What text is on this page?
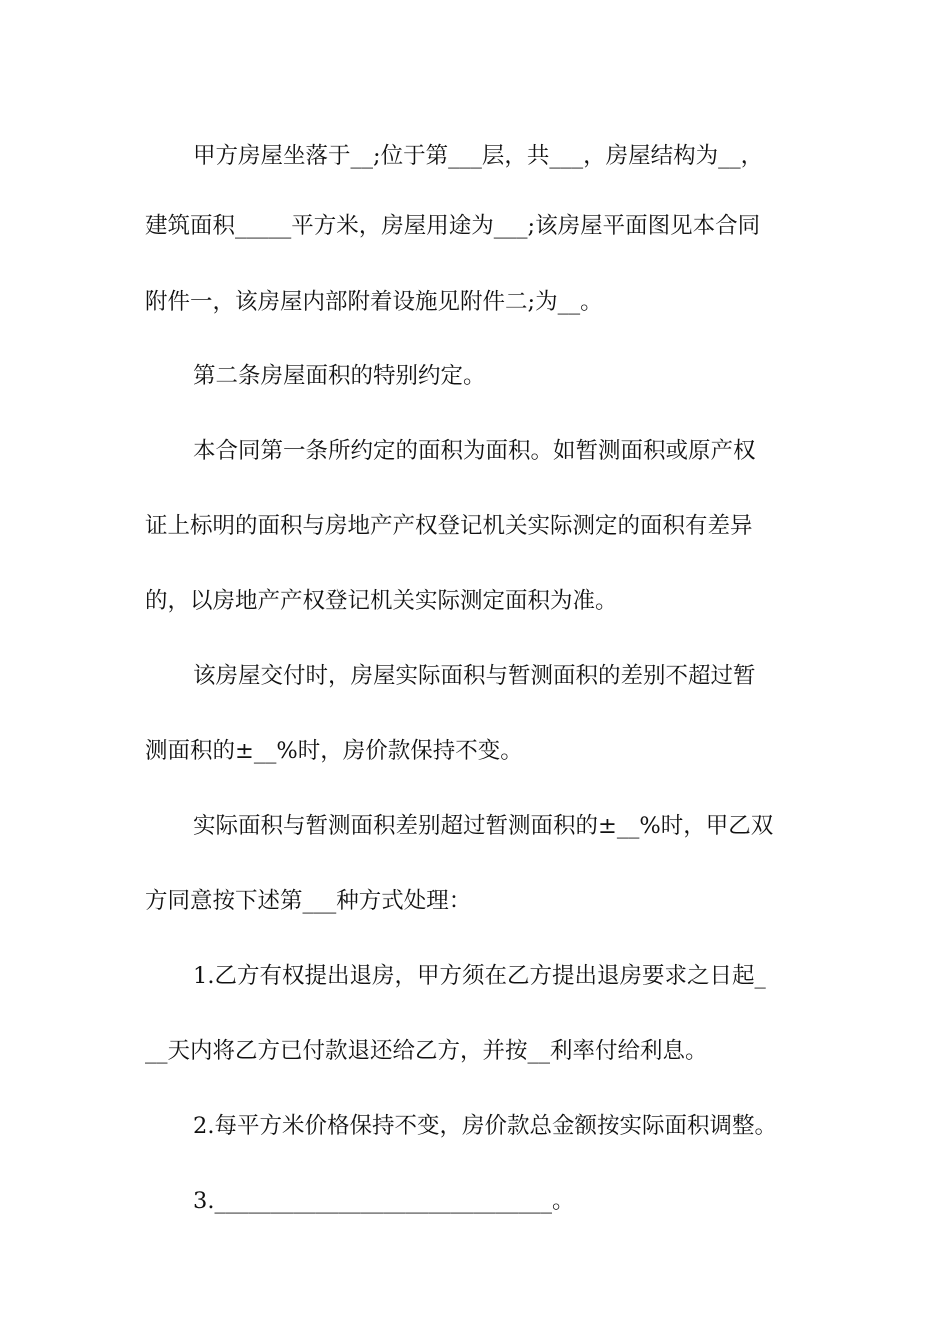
甲方房屋坐落于__;位于第___层，共___，房屋结构为__，

建筑面积_____平方米，房屋用途为___;该房屋平面图见本合同

附件一，该房屋内部附着设施见附件二;为__。

第二条房屋面积的特别约定。

本合同第一条所约定的面积为面积。如暂测面积或原产权

证上标明的面积与房地产产权登记机关实际测定的面积有差异

的，以房地产产权登记机关实际测定面积为准。

该房屋交付时，房屋实际面积与暂测面积的差别不超过暂

测面积的±__%时，房价款保持不变。

实际面积与暂测面积差别超过暂测面积的±__%时，甲乙双

方同意按下述第___种方式处理：

1.乙方有权提出退房，甲方须在乙方提出退房要求之日起_

__天内将乙方已付款退还给乙方，并按__利率付给利息。

2.每平方米价格保持不变，房价款总金额按实际面积调整。

3.______________________________。
